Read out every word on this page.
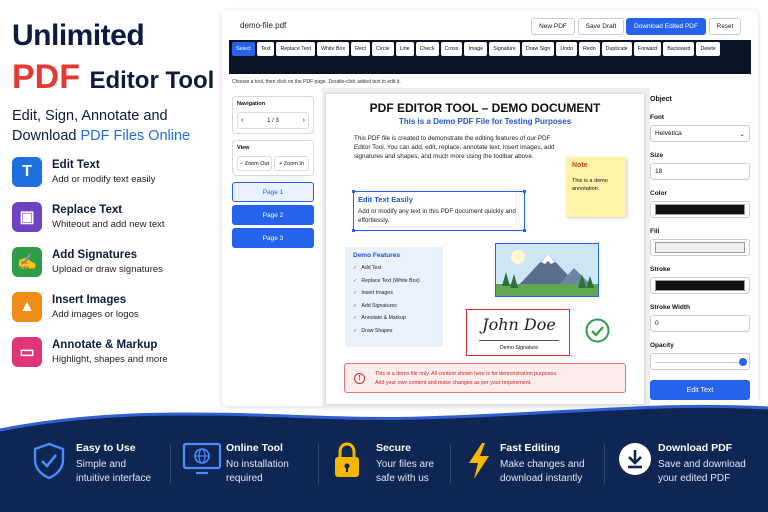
Unlimited
PDF Editor Tool
Edit, Sign, Annotate and
Download PDF Files Online
T	Edit Text
Add or modify text easily
▣	Replace Text
Whiteout and add new text
✍	Add Signatures
Upload or draw signatures
▲	Insert Images
Add images or logos
▭	Annotate & Markup
Highlight, shapes and more
demo-file.pdf	New PDF	Save Draft	Download Edited PDF	Reset
Select	Text	Replace Text	White Box	Rect	Circle	Line	Check	Cross	Image	Signature	Draw Sign	Undo	Redo	Duplicate	Forward	Backward	Delete
Choose a tool, then click on the PDF page. Double-click added text to edit it.
Navigation
‹	1 / 3	›
View
− Zoom Out	+ Zoom In
Page 1
Page 2
Page 3
PDF EDITOR TOOL – DEMO DOCUMENT
This is a Demo PDF File for Testing Purposes
This PDF file is created to demonstrate the editing features of our PDF Editor Tool. You can add, edit, replace, annotate text, insert images, add signatures and shapes, and much more using the toolbar above.
Note
This is a demo annotation.
Edit Text Easily
Add or modify any text in this PDF document quickly and effortlessly.
Demo Features
✓ Add Text
✓ Replace Text (White Box)
✓ Insert Images
✓ Add Signatures
✓ Annotate & Markup
✓ Draw Shapes	John Doe
Demo Signature
!
This is a demo file only. All content shown here is for demonstration purposes.
Add your own content and make changes as per your requirement.
Object
Font
Helvetica	⌄
Size
18
Color
Fill
Stroke
Stroke Width
0
Opacity
Edit Text
Easy to Use
Simple and
intuitive interface
Online Tool
No installation
required
Secure
Your files are
safe with us
Fast Editing
Make changes and
download instantly
Download PDF
Save and download
your edited PDF
